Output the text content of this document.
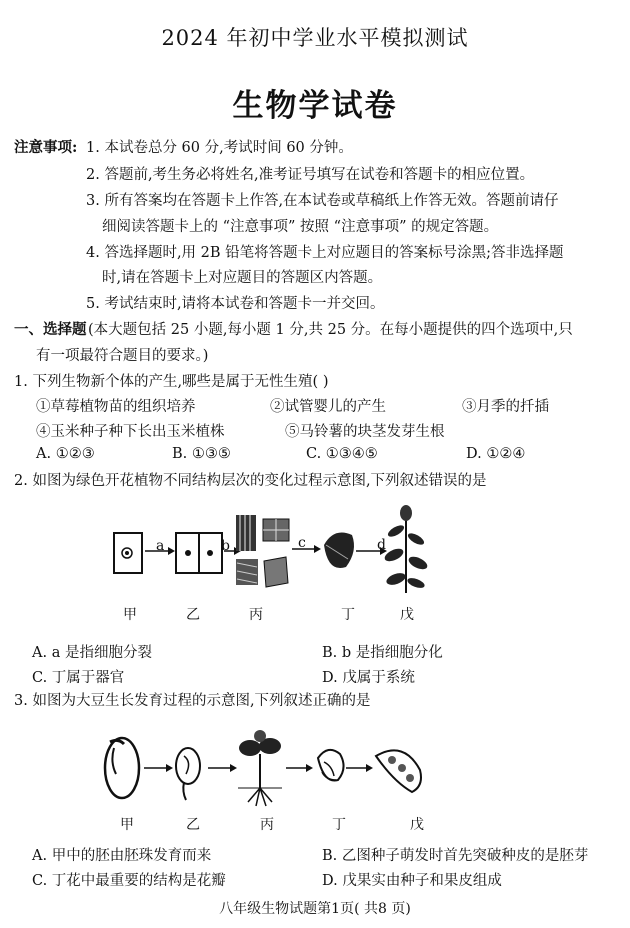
2024 年初中学业水平模拟测试
生物学试卷
注意事项: 1. 本试卷总分 60 分,考试时间 60 分钟。
2. 答题前,考生务必将姓名,准考证号填写在试卷和答题卡的相应位置。
3. 所有答案均在答题卡上作答,在本试卷或草稿纸上作答无效。答题前请仔
细阅读答题卡上的 “注意事项” 按照 “注意事项” 的规定答题。
4. 答选择题时,用 2B 铅笔将答题卡上对应题目的答案标号涂黑;答非选择题
时,请在答题卡上对应题目的答题区内答题。
5. 考试结束时,请将本试卷和答题卡一并交回。
一、选择题 (本大题包括 25 小题,每小题 1 分,共 25 分。在每小题提供的四个选项中,只
有一项最符合题目的要求。)
1. 下列生物新个体的产生,哪些是属于无性生殖( )
①草莓植物苗的组织培养	②试管婴儿的产生	③月季的扦插
④玉米种子种下长出玉米植株	⑤马铃薯的块茎发芽生根
A. ①②③	B. ①③⑤	C. ①③④⑤	D. ①②④
2. 如图为绿色开花植物不同结构层次的变化过程示意图,下列叙述错误的是
a	b	c	d
甲	乙	丙	丁	戊
A. a 是指细胞分裂	B. b 是指细胞分化
C. 丁属于器官	D. 戊属于系统
3. 如图为大豆生长发育过程的示意图,下列叙述正确的是
甲	乙	丙	丁	戊
A. 甲中的胚由胚珠发育而来	B. 乙图种子萌发时首先突破种皮的是胚芽
C. 丁花中最重要的结构是花瓣	D. 戊果实由种子和果皮组成
八年级生物试题第1页( 共8 页)
